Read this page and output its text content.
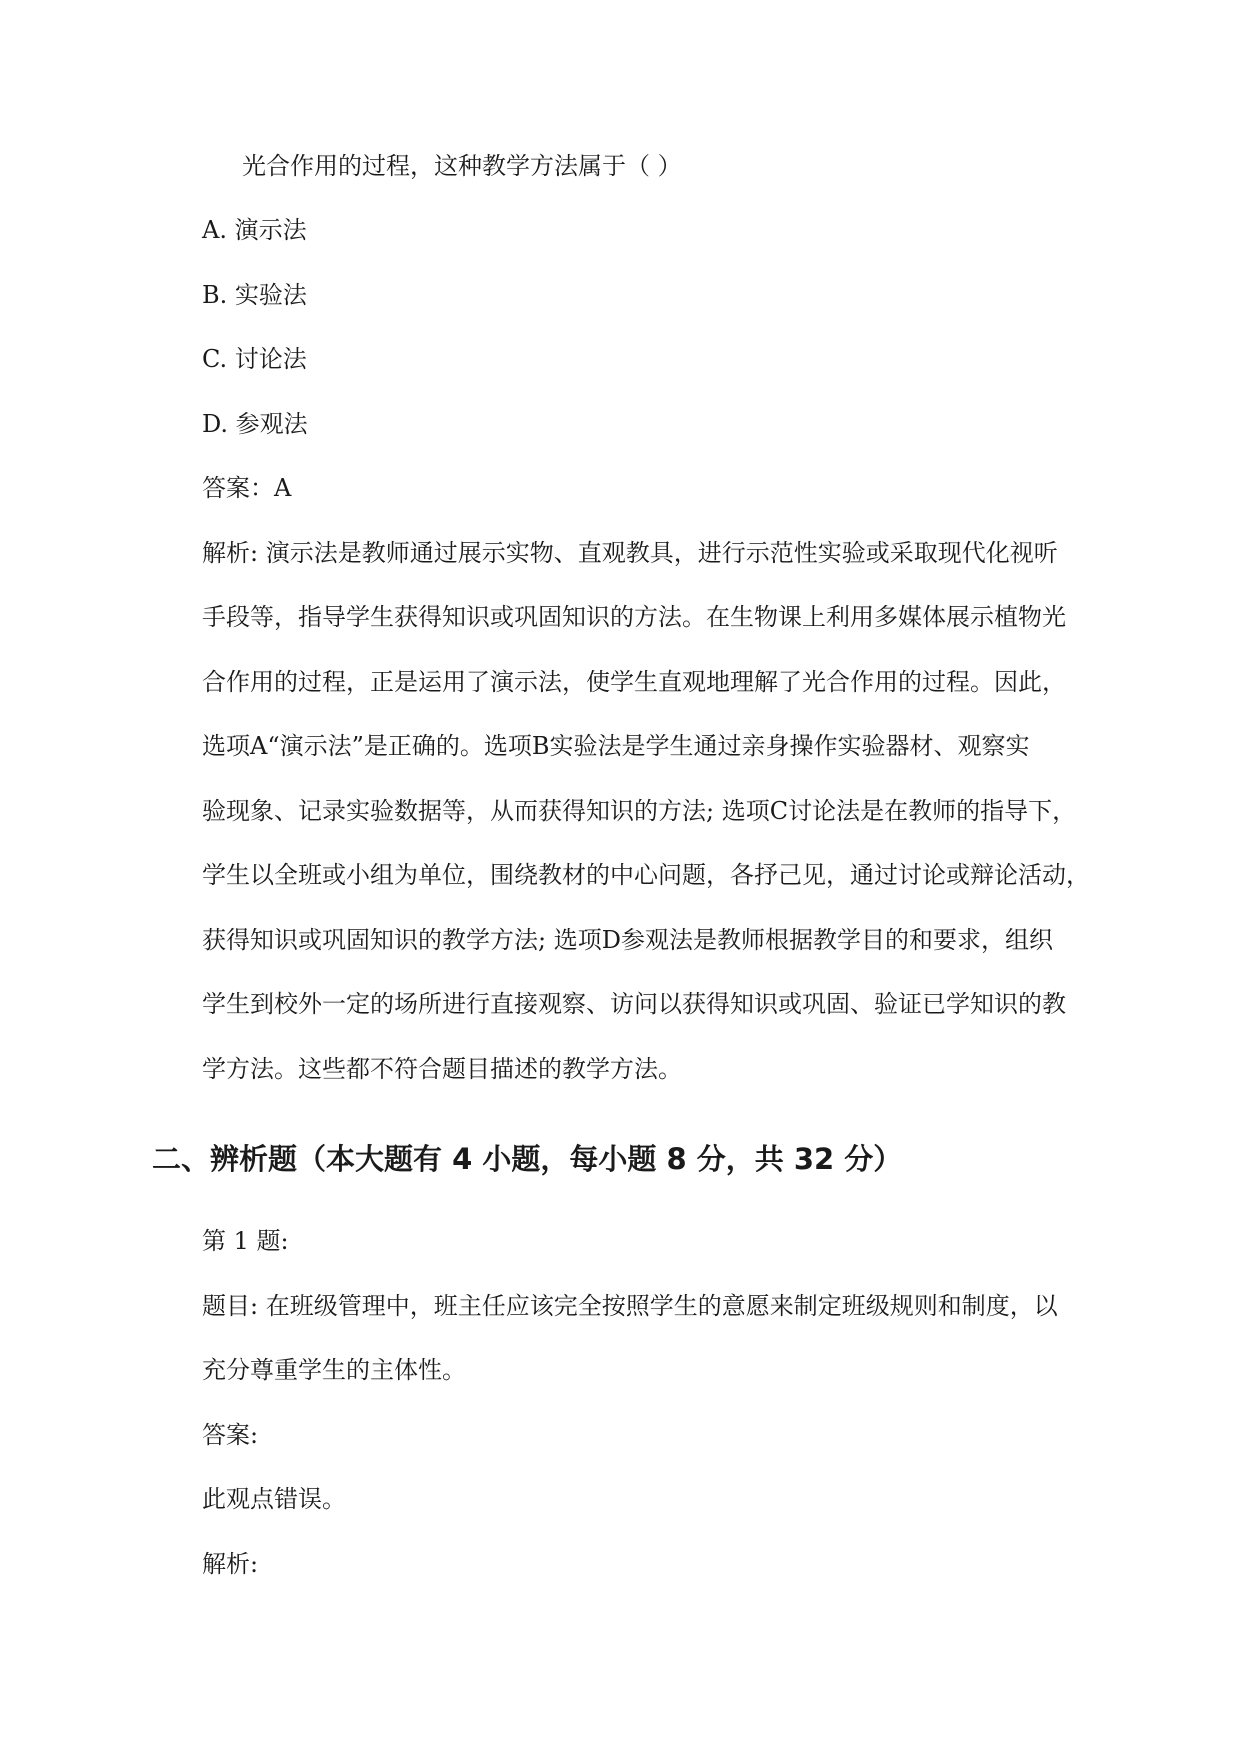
光合作用的过程，这种教学方法属于（ ）

A. 演示法

B. 实验法

C. 讨论法

D. 参观法

答案：A

解析: 演示法是教师通过展示实物、直观教具，进行示范性实验或采取现代化视听

手段等，指导学生获得知识或巩固知识的方法。在生物课上利用多媒体展示植物光

合作用的过程，正是运用了演示法，使学生直观地理解了光合作用的过程。因此，

选项A“演示法”是正确的。选项B实验法是学生通过亲身操作实验器材、观察实

验现象、记录实验数据等，从而获得知识的方法; 选项C讨论法是在教师的指导下，

学生以全班或小组为单位，围绕教材的中心问题，各抒己见，通过讨论或辩论活动，

获得知识或巩固知识的教学方法; 选项D参观法是教师根据教学目的和要求，组织

学生到校外一定的场所进行直接观察、访问以获得知识或巩固、验证已学知识的教

学方法。这些都不符合题目描述的教学方法。

二、辨析题（本大题有 4 小题，每小题 8 分，共 32 分）

第 1 题:

题目: 在班级管理中，班主任应该完全按照学生的意愿来制定班级规则和制度，以

充分尊重学生的主体性。

答案:

此观点错误。

解析:
